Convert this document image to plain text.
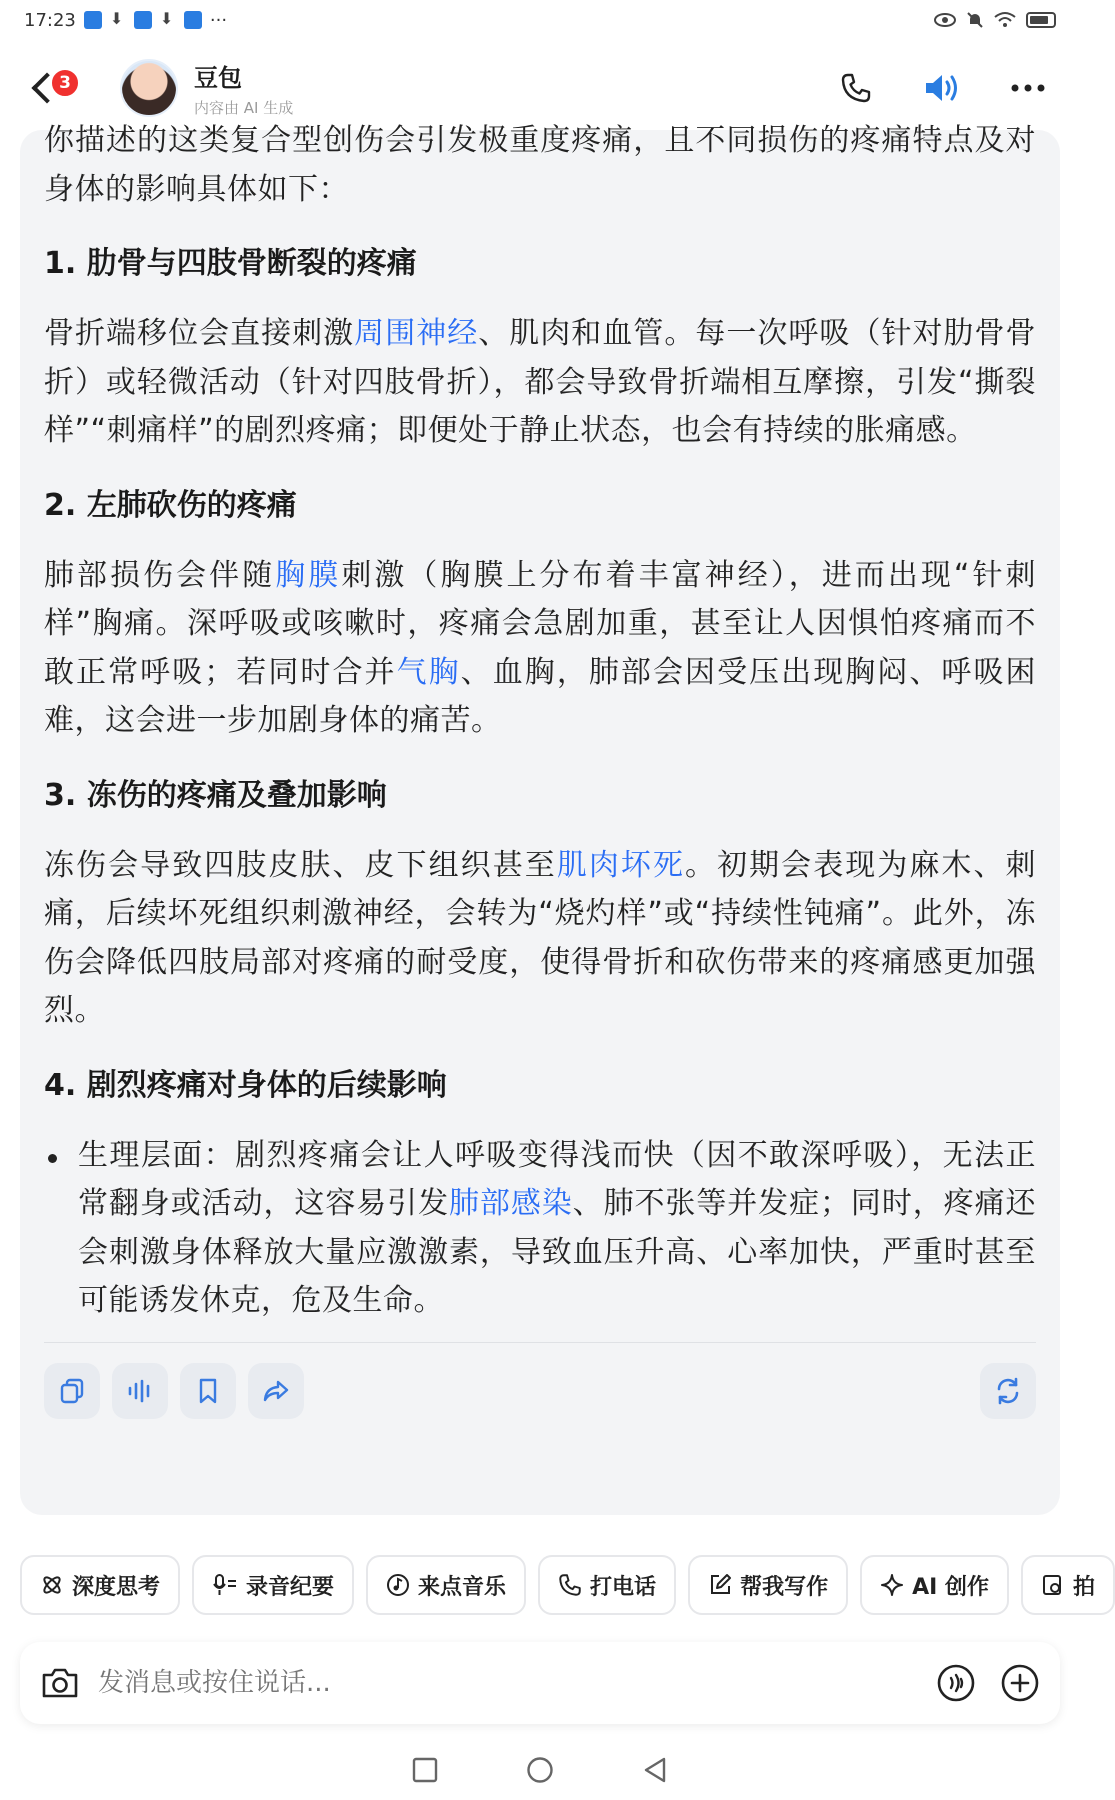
17:23 ⬇ ⬇	···
3	豆包
内容由 AI 生成

你描述的这类复合型创伤会引发极重度疼痛，且不同损伤的疼痛特点及对身体的影响具体如下：

1. 肋骨与四肢骨断裂的疼痛

骨折端移位会直接刺激周围神经、肌肉和血管。每一次呼吸（针对肋骨骨折）或轻微活动（针对四肢骨折），都会导致骨折端相互摩擦，引发“撕裂样”“刺痛样”的剧烈疼痛；即便处于静止状态，也会有持续的胀痛感。

2. 左肺砍伤的疼痛

肺部损伤会伴随胸膜刺激（胸膜上分布着丰富神经），进而出现“针刺样”胸痛。深呼吸或咳嗽时，疼痛会急剧加重，甚至让人因惧怕疼痛而不敢正常呼吸；若同时合并气胸、血胸，肺部会因受压出现胸闷、呼吸困难，这会进一步加剧身体的痛苦。

3. 冻伤的疼痛及叠加影响

冻伤会导致四肢皮肤、皮下组织甚至肌肉坏死。初期会表现为麻木、刺痛，后续坏死组织刺激神经，会转为“烧灼样”或“持续性钝痛”。此外，冻伤会降低四肢局部对疼痛的耐受度，使得骨折和砍伤带来的疼痛感更加强烈。

4. 剧烈疼痛对身体的后续影响

生理层面：剧烈疼痛会让人呼吸变得浅而快（因不敢深呼吸），无法正常翻身或活动，这容易引发肺部感染、肺不张等并发症；同时，疼痛还会刺激身体释放大量应激激素，导致血压升高、心率加快，严重时甚至可能诱发休克，危及生命。

深度思考	录音纪要	来点音乐	打电话	帮我写作	AI 创作	拍
发消息或按住说话...
